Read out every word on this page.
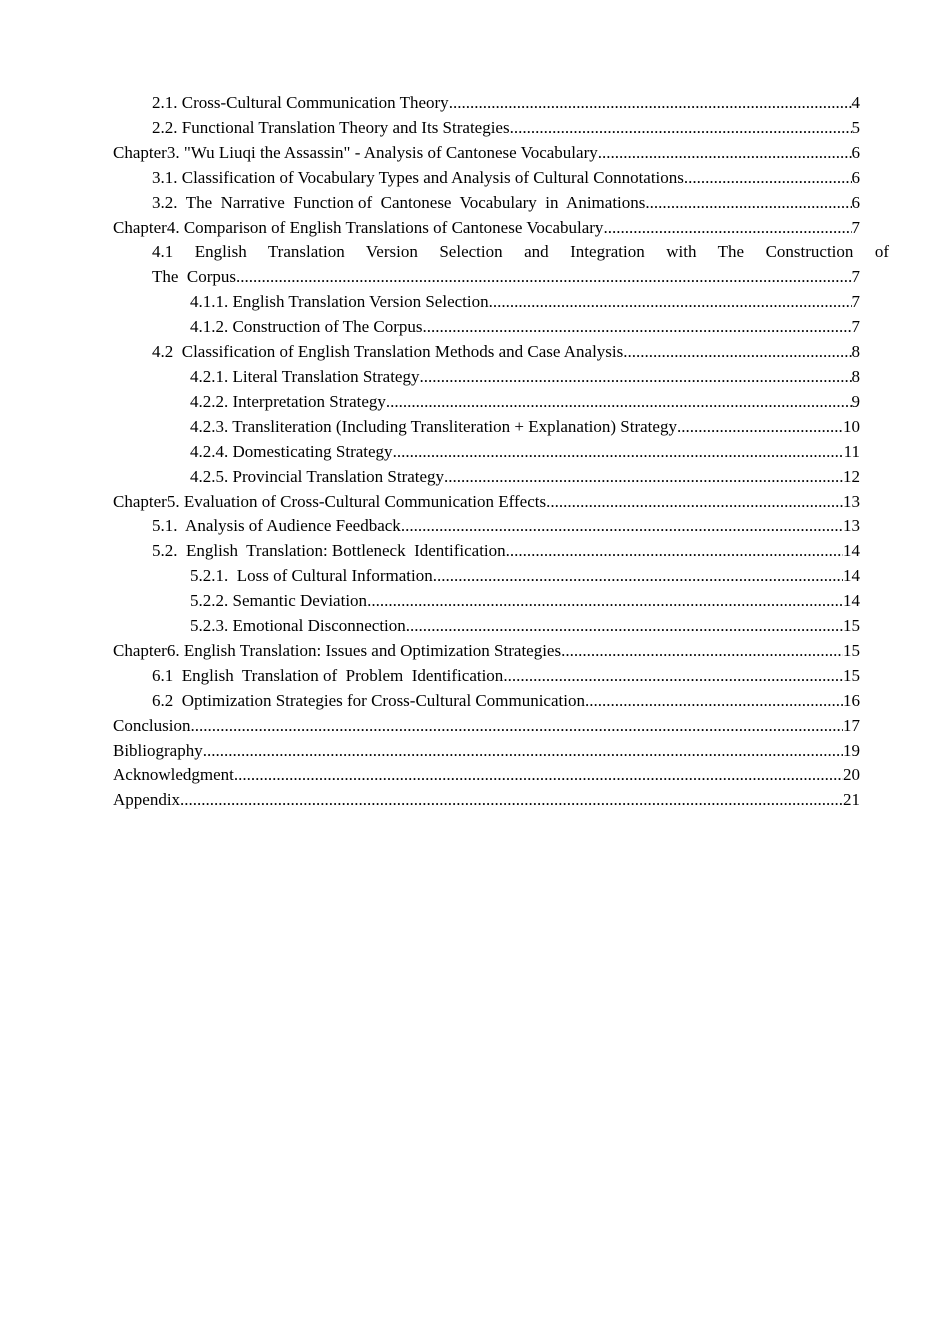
2.1. Cross-Cultural Communication Theory .....	4
2.2. Functional Translation Theory and Its Strategies .....	5
Chapter3. "Wu Liuqi the Assassin" - Analysis of Cantonese Vocabulary .....	6
3.1. Classification of Vocabulary Types and Analysis of Cultural Connotations .....	6
3.2.  The  Narrative  Function of  Cantonese  Vocabulary  in  Animations .....	6
Chapter4. Comparison of English Translations of Cantonese Vocabulary .....	7
4.1  English  Translation  Version  Selection  and  Integration  with  The  Construction  of
The  Corpus .....	7
4.1.1. English Translation Version Selection .....	7
4.1.2. Construction of The Corpus .....	7
4.2  Classification of English Translation Methods and Case Analysis .....	8
4.2.1. Literal Translation Strategy .....	8
4.2.2. Interpretation Strategy .....	9
4.2.3. Transliteration (Including Transliteration + Explanation) Strategy .....	10
4.2.4. Domesticating Strategy .....	11
4.2.5. Provincial Translation Strategy .....	12
Chapter5. Evaluation of Cross-Cultural Communication Effects .....	13
5.1.  Analysis of Audience Feedback .....	13
5.2.  English  Translation: Bottleneck  Identification .....	14
5.2.1.  Loss of Cultural Information .....	14
5.2.2. Semantic Deviation .....	14
5.2.3. Emotional Disconnection .....	15
Chapter6. English Translation: Issues and Optimization Strategies .....	15
6.1  English  Translation of  Problem  Identification .....	15
6.2  Optimization Strategies for Cross-Cultural Communication .....	16
Conclusion .....	17
Bibliography .....	19
Acknowledgment .....	20
Appendix .....	21
